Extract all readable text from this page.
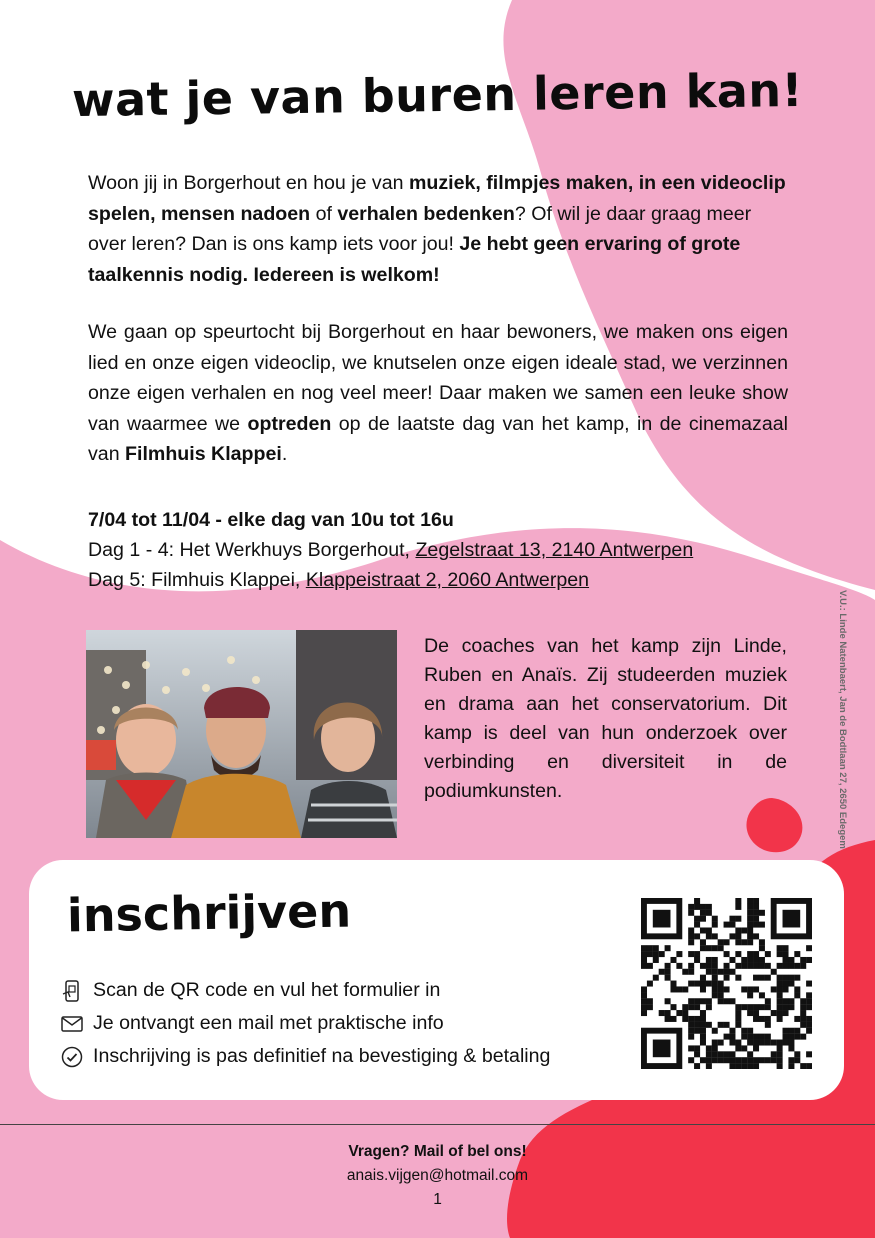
wat je van buren leren kan!

Woon jij in Borgerhout en hou je van muziek, filmpjes maken, in een videoclip spelen, mensen nadoen of verhalen bedenken? Of wil je daar graag meer over leren? Dan is ons kamp iets voor jou! Je hebt geen ervaring of grote taalkennis nodig. Iedereen is welkom!

We gaan op speurtocht bij Borgerhout en haar bewoners, we maken ons eigen lied en onze eigen videoclip, we knutselen onze eigen ideale stad, we verzinnen onze eigen verhalen en nog veel meer! Daar maken we samen een leuke show van waarmee we optreden op de laatste dag van het kamp, in de cinemazaal van Filmhuis Klappei.

7/04 tot 11/04 - elke dag van 10u tot 16u
Dag 1 - 4: Het Werkhuys Borgerhout, Zegelstraat 13, 2140 Antwerpen
Dag 5: Filmhuis Klappei, Klappeistraat 2, 2060 Antwerpen

De coaches van het kamp zijn Linde, Ruben en Anaïs. Zij studeerden muziek en drama aan het conservatorium. Dit kamp is deel van hun onderzoek over verbinding en diversiteit in de podiumkunsten.	V.U.: Linde Natenbaert, Jan de Bodtlaan 27, 2650 Edegem
inschrijven
Scan de QR code en vul het formulier in
Je ontvangt een mail met praktische info
Inschrijving is pas definitief na bevestiging & betaling
Vragen? Mail of bel ons!
anais.vijgen@hotmail.com
1
